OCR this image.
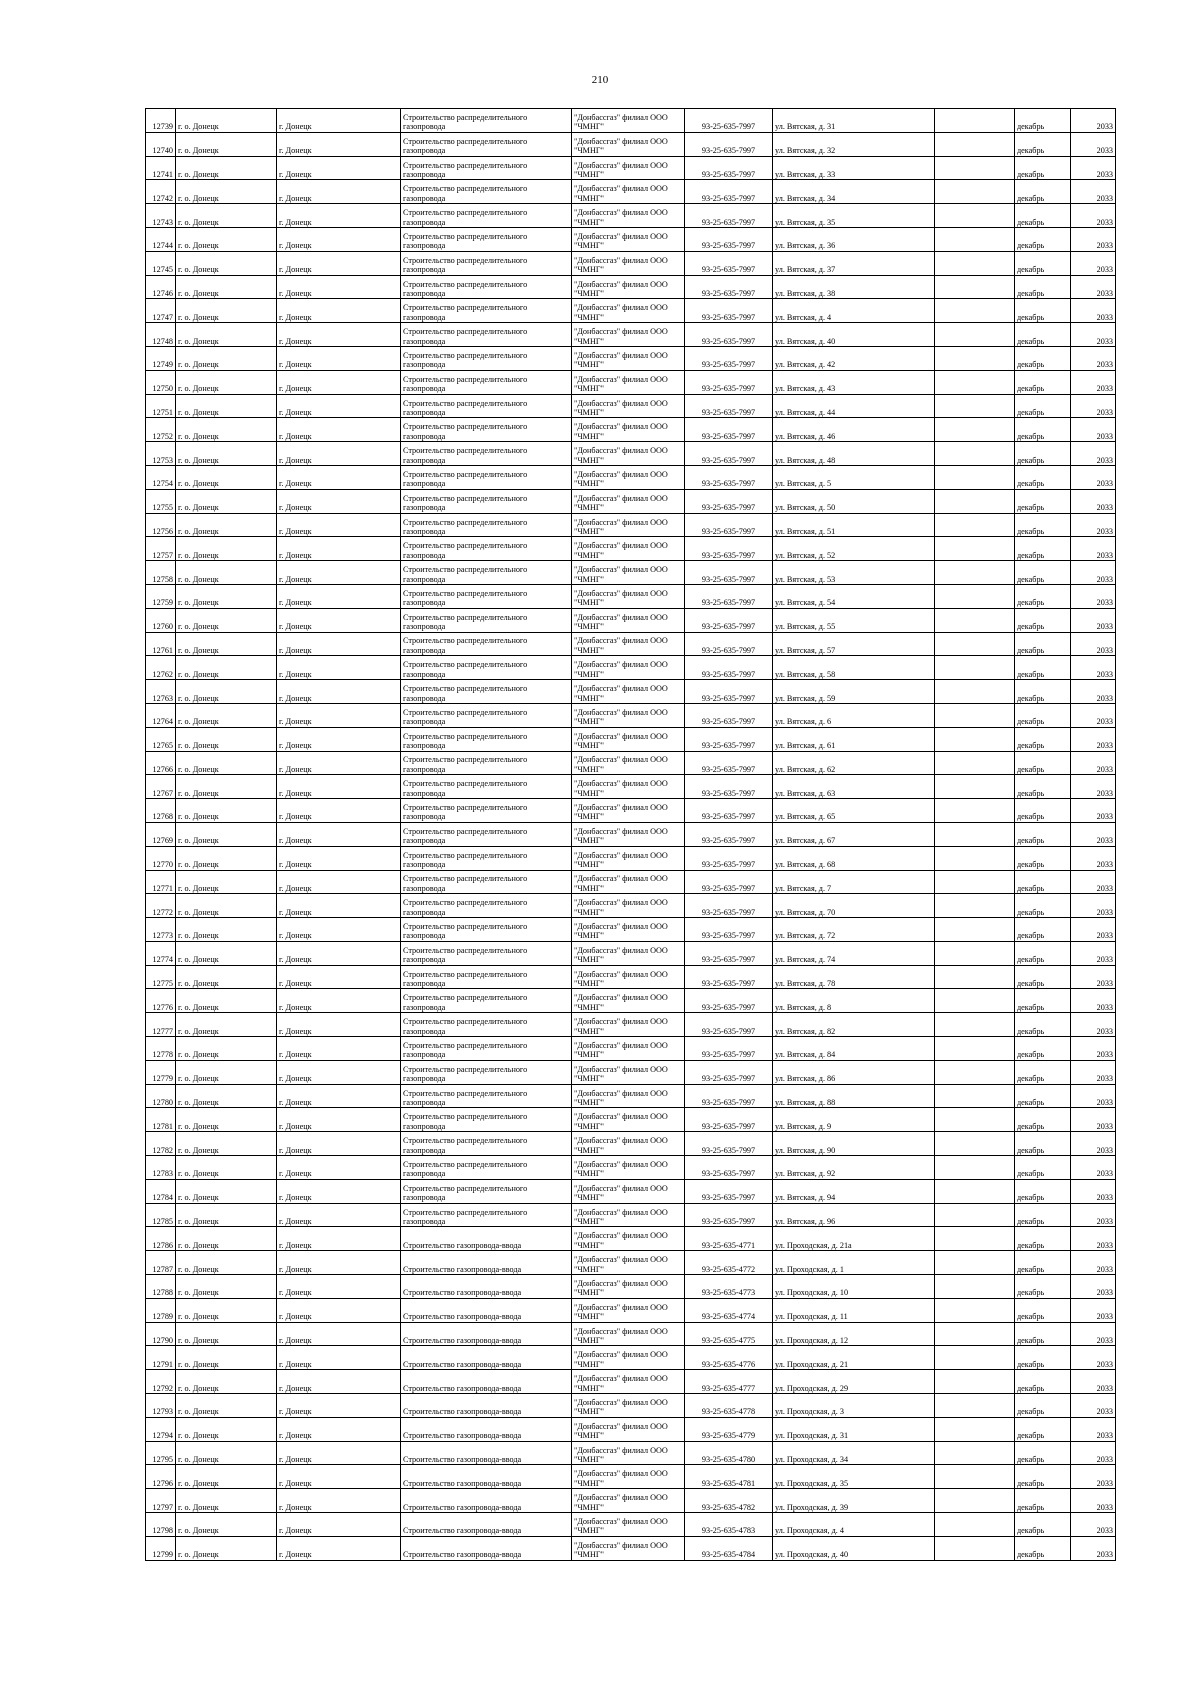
210
12739	г. о. Донецк	г. Донецк	Строительство распределительного газопровода	"Донбассгаз" филиал ООО "ЧМНГ"	93-25-635-7997	ул. Вятская, д. 31		декабрь	2033
12740	г. о. Донецк	г. Донецк	Строительство распределительного газопровода	"Донбассгаз" филиал ООО "ЧМНГ"	93-25-635-7997	ул. Вятская, д. 32		декабрь	2033
12741	г. о. Донецк	г. Донецк	Строительство распределительного газопровода	"Донбассгаз" филиал ООО "ЧМНГ"	93-25-635-7997	ул. Вятская, д. 33		декабрь	2033
12742	г. о. Донецк	г. Донецк	Строительство распределительного газопровода	"Донбассгаз" филиал ООО "ЧМНГ"	93-25-635-7997	ул. Вятская, д. 34		декабрь	2033
12743	г. о. Донецк	г. Донецк	Строительство распределительного газопровода	"Донбассгаз" филиал ООО "ЧМНГ"	93-25-635-7997	ул. Вятская, д. 35		декабрь	2033
12744	г. о. Донецк	г. Донецк	Строительство распределительного газопровода	"Донбассгаз" филиал ООО "ЧМНГ"	93-25-635-7997	ул. Вятская, д. 36		декабрь	2033
12745	г. о. Донецк	г. Донецк	Строительство распределительного газопровода	"Донбассгаз" филиал ООО "ЧМНГ"	93-25-635-7997	ул. Вятская, д. 37		декабрь	2033
12746	г. о. Донецк	г. Донецк	Строительство распределительного газопровода	"Донбассгаз" филиал ООО "ЧМНГ"	93-25-635-7997	ул. Вятская, д. 38		декабрь	2033
12747	г. о. Донецк	г. Донецк	Строительство распределительного газопровода	"Донбассгаз" филиал ООО "ЧМНГ"	93-25-635-7997	ул. Вятская, д. 4		декабрь	2033
12748	г. о. Донецк	г. Донецк	Строительство распределительного газопровода	"Донбассгаз" филиал ООО "ЧМНГ"	93-25-635-7997	ул. Вятская, д. 40		декабрь	2033
12749	г. о. Донецк	г. Донецк	Строительство распределительного газопровода	"Донбассгаз" филиал ООО "ЧМНГ"	93-25-635-7997	ул. Вятская, д. 42		декабрь	2033
12750	г. о. Донецк	г. Донецк	Строительство распределительного газопровода	"Донбассгаз" филиал ООО "ЧМНГ"	93-25-635-7997	ул. Вятская, д. 43		декабрь	2033
12751	г. о. Донецк	г. Донецк	Строительство распределительного газопровода	"Донбассгаз" филиал ООО "ЧМНГ"	93-25-635-7997	ул. Вятская, д. 44		декабрь	2033
12752	г. о. Донецк	г. Донецк	Строительство распределительного газопровода	"Донбассгаз" филиал ООО "ЧМНГ"	93-25-635-7997	ул. Вятская, д. 46		декабрь	2033
12753	г. о. Донецк	г. Донецк	Строительство распределительного газопровода	"Донбассгаз" филиал ООО "ЧМНГ"	93-25-635-7997	ул. Вятская, д. 48		декабрь	2033
12754	г. о. Донецк	г. Донецк	Строительство распределительного газопровода	"Донбассгаз" филиал ООО "ЧМНГ"	93-25-635-7997	ул. Вятская, д. 5		декабрь	2033
12755	г. о. Донецк	г. Донецк	Строительство распределительного газопровода	"Донбассгаз" филиал ООО "ЧМНГ"	93-25-635-7997	ул. Вятская, д. 50		декабрь	2033
12756	г. о. Донецк	г. Донецк	Строительство распределительного газопровода	"Донбассгаз" филиал ООО "ЧМНГ"	93-25-635-7997	ул. Вятская, д. 51		декабрь	2033
12757	г. о. Донецк	г. Донецк	Строительство распределительного газопровода	"Донбассгаз" филиал ООО "ЧМНГ"	93-25-635-7997	ул. Вятская, д. 52		декабрь	2033
12758	г. о. Донецк	г. Донецк	Строительство распределительного газопровода	"Донбассгаз" филиал ООО "ЧМНГ"	93-25-635-7997	ул. Вятская, д. 53		декабрь	2033
12759	г. о. Донецк	г. Донецк	Строительство распределительного газопровода	"Донбассгаз" филиал ООО "ЧМНГ"	93-25-635-7997	ул. Вятская, д. 54		декабрь	2033
12760	г. о. Донецк	г. Донецк	Строительство распределительного газопровода	"Донбассгаз" филиал ООО "ЧМНГ"	93-25-635-7997	ул. Вятская, д. 55		декабрь	2033
12761	г. о. Донецк	г. Донецк	Строительство распределительного газопровода	"Донбассгаз" филиал ООО "ЧМНГ"	93-25-635-7997	ул. Вятская, д. 57		декабрь	2033
12762	г. о. Донецк	г. Донецк	Строительство распределительного газопровода	"Донбассгаз" филиал ООО "ЧМНГ"	93-25-635-7997	ул. Вятская, д. 58		декабрь	2033
12763	г. о. Донецк	г. Донецк	Строительство распределительного газопровода	"Донбассгаз" филиал ООО "ЧМНГ"	93-25-635-7997	ул. Вятская, д. 59		декабрь	2033
12764	г. о. Донецк	г. Донецк	Строительство распределительного газопровода	"Донбассгаз" филиал ООО "ЧМНГ"	93-25-635-7997	ул. Вятская, д. 6		декабрь	2033
12765	г. о. Донецк	г. Донецк	Строительство распределительного газопровода	"Донбассгаз" филиал ООО "ЧМНГ"	93-25-635-7997	ул. Вятская, д. 61		декабрь	2033
12766	г. о. Донецк	г. Донецк	Строительство распределительного газопровода	"Донбассгаз" филиал ООО "ЧМНГ"	93-25-635-7997	ул. Вятская, д. 62		декабрь	2033
12767	г. о. Донецк	г. Донецк	Строительство распределительного газопровода	"Донбассгаз" филиал ООО "ЧМНГ"	93-25-635-7997	ул. Вятская, д. 63		декабрь	2033
12768	г. о. Донецк	г. Донецк	Строительство распределительного газопровода	"Донбассгаз" филиал ООО "ЧМНГ"	93-25-635-7997	ул. Вятская, д. 65		декабрь	2033
12769	г. о. Донецк	г. Донецк	Строительство распределительного газопровода	"Донбассгаз" филиал ООО "ЧМНГ"	93-25-635-7997	ул. Вятская, д. 67		декабрь	2033
12770	г. о. Донецк	г. Донецк	Строительство распределительного газопровода	"Донбассгаз" филиал ООО "ЧМНГ"	93-25-635-7997	ул. Вятская, д. 68		декабрь	2033
12771	г. о. Донецк	г. Донецк	Строительство распределительного газопровода	"Донбассгаз" филиал ООО "ЧМНГ"	93-25-635-7997	ул. Вятская, д. 7		декабрь	2033
12772	г. о. Донецк	г. Донецк	Строительство распределительного газопровода	"Донбассгаз" филиал ООО "ЧМНГ"	93-25-635-7997	ул. Вятская, д. 70		декабрь	2033
12773	г. о. Донецк	г. Донецк	Строительство распределительного газопровода	"Донбассгаз" филиал ООО "ЧМНГ"	93-25-635-7997	ул. Вятская, д. 72		декабрь	2033
12774	г. о. Донецк	г. Донецк	Строительство распределительного газопровода	"Донбассгаз" филиал ООО "ЧМНГ"	93-25-635-7997	ул. Вятская, д. 74		декабрь	2033
12775	г. о. Донецк	г. Донецк	Строительство распределительного газопровода	"Донбассгаз" филиал ООО "ЧМНГ"	93-25-635-7997	ул. Вятская, д. 78		декабрь	2033
12776	г. о. Донецк	г. Донецк	Строительство распределительного газопровода	"Донбассгаз" филиал ООО "ЧМНГ"	93-25-635-7997	ул. Вятская, д. 8		декабрь	2033
12777	г. о. Донецк	г. Донецк	Строительство распределительного газопровода	"Донбассгаз" филиал ООО "ЧМНГ"	93-25-635-7997	ул. Вятская, д. 82		декабрь	2033
12778	г. о. Донецк	г. Донецк	Строительство распределительного газопровода	"Донбассгаз" филиал ООО "ЧМНГ"	93-25-635-7997	ул. Вятская, д. 84		декабрь	2033
12779	г. о. Донецк	г. Донецк	Строительство распределительного газопровода	"Донбассгаз" филиал ООО "ЧМНГ"	93-25-635-7997	ул. Вятская, д. 86		декабрь	2033
12780	г. о. Донецк	г. Донецк	Строительство распределительного газопровода	"Донбассгаз" филиал ООО "ЧМНГ"	93-25-635-7997	ул. Вятская, д. 88		декабрь	2033
12781	г. о. Донецк	г. Донецк	Строительство распределительного газопровода	"Донбассгаз" филиал ООО "ЧМНГ"	93-25-635-7997	ул. Вятская, д. 9		декабрь	2033
12782	г. о. Донецк	г. Донецк	Строительство распределительного газопровода	"Донбассгаз" филиал ООО "ЧМНГ"	93-25-635-7997	ул. Вятская, д. 90		декабрь	2033
12783	г. о. Донецк	г. Донецк	Строительство распределительного газопровода	"Донбассгаз" филиал ООО "ЧМНГ"	93-25-635-7997	ул. Вятская, д. 92		декабрь	2033
12784	г. о. Донецк	г. Донецк	Строительство распределительного газопровода	"Донбассгаз" филиал ООО "ЧМНГ"	93-25-635-7997	ул. Вятская, д. 94		декабрь	2033
12785	г. о. Донецк	г. Донецк	Строительство распределительного газопровода	"Донбассгаз" филиал ООО "ЧМНГ"	93-25-635-7997	ул. Вятская, д. 96		декабрь	2033
12786	г. о. Донецк	г. Донецк	Строительство газопровода-ввода	"Донбассгаз" филиал ООО "ЧМНГ"	93-25-635-4771	ул. Проходская, д. 21а		декабрь	2033
12787	г. о. Донецк	г. Донецк	Строительство газопровода-ввода	"Донбассгаз" филиал ООО "ЧМНГ"	93-25-635-4772	ул. Проходская, д. 1		декабрь	2033
12788	г. о. Донецк	г. Донецк	Строительство газопровода-ввода	"Донбассгаз" филиал ООО "ЧМНГ"	93-25-635-4773	ул. Проходская, д. 10		декабрь	2033
12789	г. о. Донецк	г. Донецк	Строительство газопровода-ввода	"Донбассгаз" филиал ООО "ЧМНГ"	93-25-635-4774	ул. Проходская, д. 11		декабрь	2033
12790	г. о. Донецк	г. Донецк	Строительство газопровода-ввода	"Донбассгаз" филиал ООО "ЧМНГ"	93-25-635-4775	ул. Проходская, д. 12		декабрь	2033
12791	г. о. Донецк	г. Донецк	Строительство газопровода-ввода	"Донбассгаз" филиал ООО "ЧМНГ"	93-25-635-4776	ул. Проходская, д. 21		декабрь	2033
12792	г. о. Донецк	г. Донецк	Строительство газопровода-ввода	"Донбассгаз" филиал ООО "ЧМНГ"	93-25-635-4777	ул. Проходская, д. 29		декабрь	2033
12793	г. о. Донецк	г. Донецк	Строительство газопровода-ввода	"Донбассгаз" филиал ООО "ЧМНГ"	93-25-635-4778	ул. Проходская, д. 3		декабрь	2033
12794	г. о. Донецк	г. Донецк	Строительство газопровода-ввода	"Донбассгаз" филиал ООО "ЧМНГ"	93-25-635-4779	ул. Проходская, д. 31		декабрь	2033
12795	г. о. Донецк	г. Донецк	Строительство газопровода-ввода	"Донбассгаз" филиал ООО "ЧМНГ"	93-25-635-4780	ул. Проходская, д. 34		декабрь	2033
12796	г. о. Донецк	г. Донецк	Строительство газопровода-ввода	"Донбассгаз" филиал ООО "ЧМНГ"	93-25-635-4781	ул. Проходская, д. 35		декабрь	2033
12797	г. о. Донецк	г. Донецк	Строительство газопровода-ввода	"Донбассгаз" филиал ООО "ЧМНГ"	93-25-635-4782	ул. Проходская, д. 39		декабрь	2033
12798	г. о. Донецк	г. Донецк	Строительство газопровода-ввода	"Донбассгаз" филиал ООО "ЧМНГ"	93-25-635-4783	ул. Проходская, д. 4		декабрь	2033
12799	г. о. Донецк	г. Донецк	Строительство газопровода-ввода	"Донбассгаз" филиал ООО "ЧМНГ"	93-25-635-4784	ул. Проходская, д. 40		декабрь	2033
